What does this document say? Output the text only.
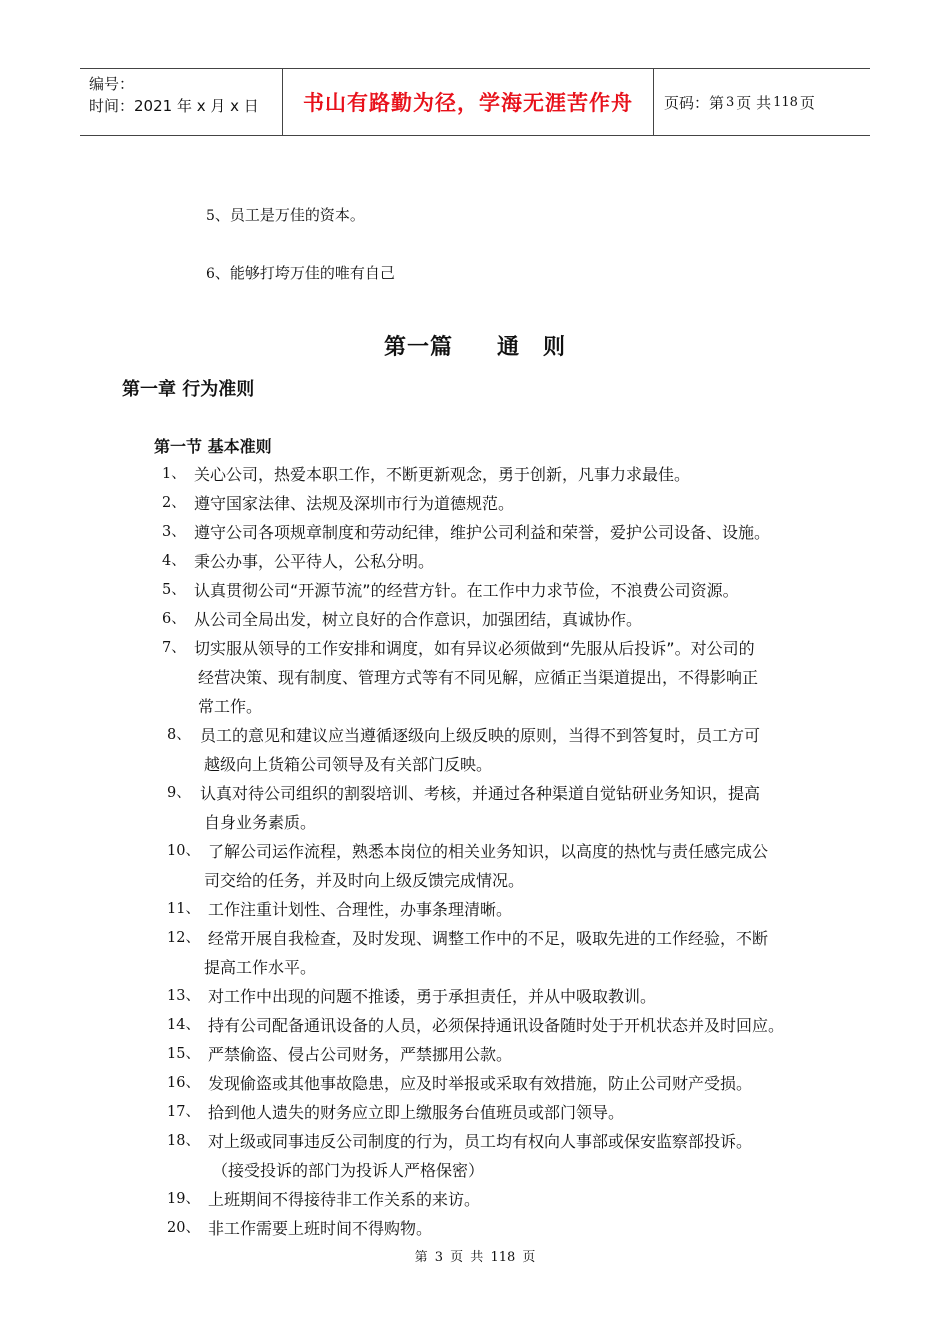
编号：
时间：2021 年 x 月 x 日	书山有路勤为径，学海无涯苦作舟 页码：第 3 页 共 118 页
5、员工是万佳的资本。
6、能够打垮万佳的唯有自己
第一篇 通　则
第一章 行为准则
第一节 基本准则
1、 关心公司，热爱本职工作，不断更新观念，勇于创新，凡事力求最佳。
2、 遵守国家法律、法规及深圳市行为道德规范。
3、 遵守公司各项规章制度和劳动纪律，维护公司利益和荣誉，爱护公司设备、设施。
4、 秉公办事，公平待人，公私分明。
5、 认真贯彻公司“开源节流”的经营方针。在工作中力求节俭，不浪费公司资源。
6、 从公司全局出发，树立良好的合作意识，加强团结，真诚协作。
7、 切实服从领导的工作安排和调度，如有异议必须做到“先服从后投诉”。对公司的
经营决策、现有制度、管理方式等有不同见解，应循正当渠道提出，不得影响正
常工作。
8、 员工的意见和建议应当遵循逐级向上级反映的原则，当得不到答复时，员工方可
越级向上货箱公司领导及有关部门反映。
9、 认真对待公司组织的割裂培训、考核，并通过各种渠道自觉钻研业务知识，提高
自身业务素质。
10、 了解公司运作流程，熟悉本岗位的相关业务知识，以高度的热忱与责任感完成公
司交给的任务，并及时向上级反馈完成情况。
11、 工作注重计划性、合理性，办事条理清晰。
12、 经常开展自我检查，及时发现、调整工作中的不足，吸取先进的工作经验，不断
提高工作水平。
13、 对工作中出现的问题不推诿，勇于承担责任，并从中吸取教训。
14、 持有公司配备通讯设备的人员，必须保持通讯设备随时处于开机状态并及时回应。
15、 严禁偷盗、侵占公司财务，严禁挪用公款。
16、 发现偷盗或其他事故隐患，应及时举报或采取有效措施，防止公司财产受损。
17、 拾到他人遗失的财务应立即上缴服务台值班员或部门领导。
18、 对上级或同事违反公司制度的行为，员工均有权向人事部或保安监察部投诉。
（接受投诉的部门为投诉人严格保密）
19、 上班期间不得接待非工作关系的来访。
20、 非工作需要上班时间不得购物。
第 3 页 共 118 页
